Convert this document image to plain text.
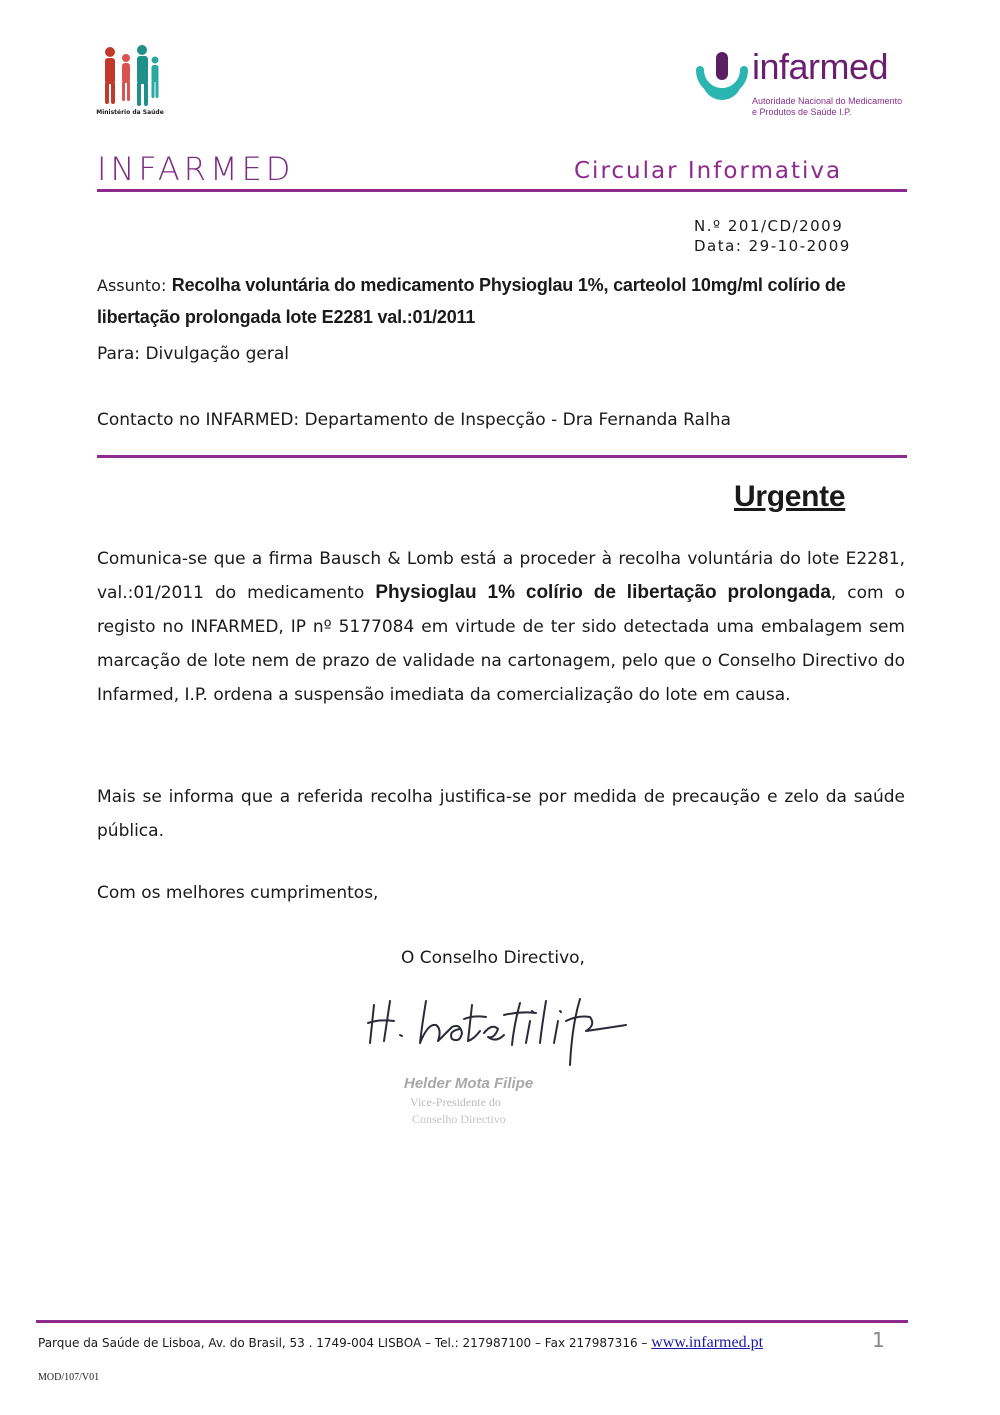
Ministério da Saúde
infarmed
Autoridade Nacional do Medicamento
e Produtos de Saúde I.P.
INFARMED	Circular Informativa
N.º 201/CD/2009
Data: 29-10-2009
Assunto: Recolha voluntária do medicamento Physioglau 1%, carteolol 10mg/ml colírio de libertação prolongada lote E2281 val.:01/2011
Para: Divulgação geral
Contacto no INFARMED: Departamento de Inspecção - Dra Fernanda Ralha
Urgente
Comunica-se que a firma Bausch & Lomb está a proceder à recolha voluntária do lote E2281, val.:01/2011 do medicamento Physioglau 1% colírio de libertação prolongada, com o registo no INFARMED, IP nº 5177084 em virtude de ter sido detectada uma embalagem sem marcação de lote nem de prazo de validade na cartonagem, pelo que o Conselho Directivo do Infarmed, I.P. ordena a suspensão imediata da comercialização do lote em causa.
Mais se informa que a referida recolha justifica-se por medida de precaução e zelo da saúde pública.
Com os melhores cumprimentos,
O Conselho Directivo,
Helder Mota Filipe
Vice-Presidente do
Conselho Directivo
Parque da Saúde de Lisboa, Av. do Brasil, 53 . 1749-004 LISBOA – Tel.: 217987100 – Fax 217987316 – www.infarmed.pt	1
MOD/107/V01
